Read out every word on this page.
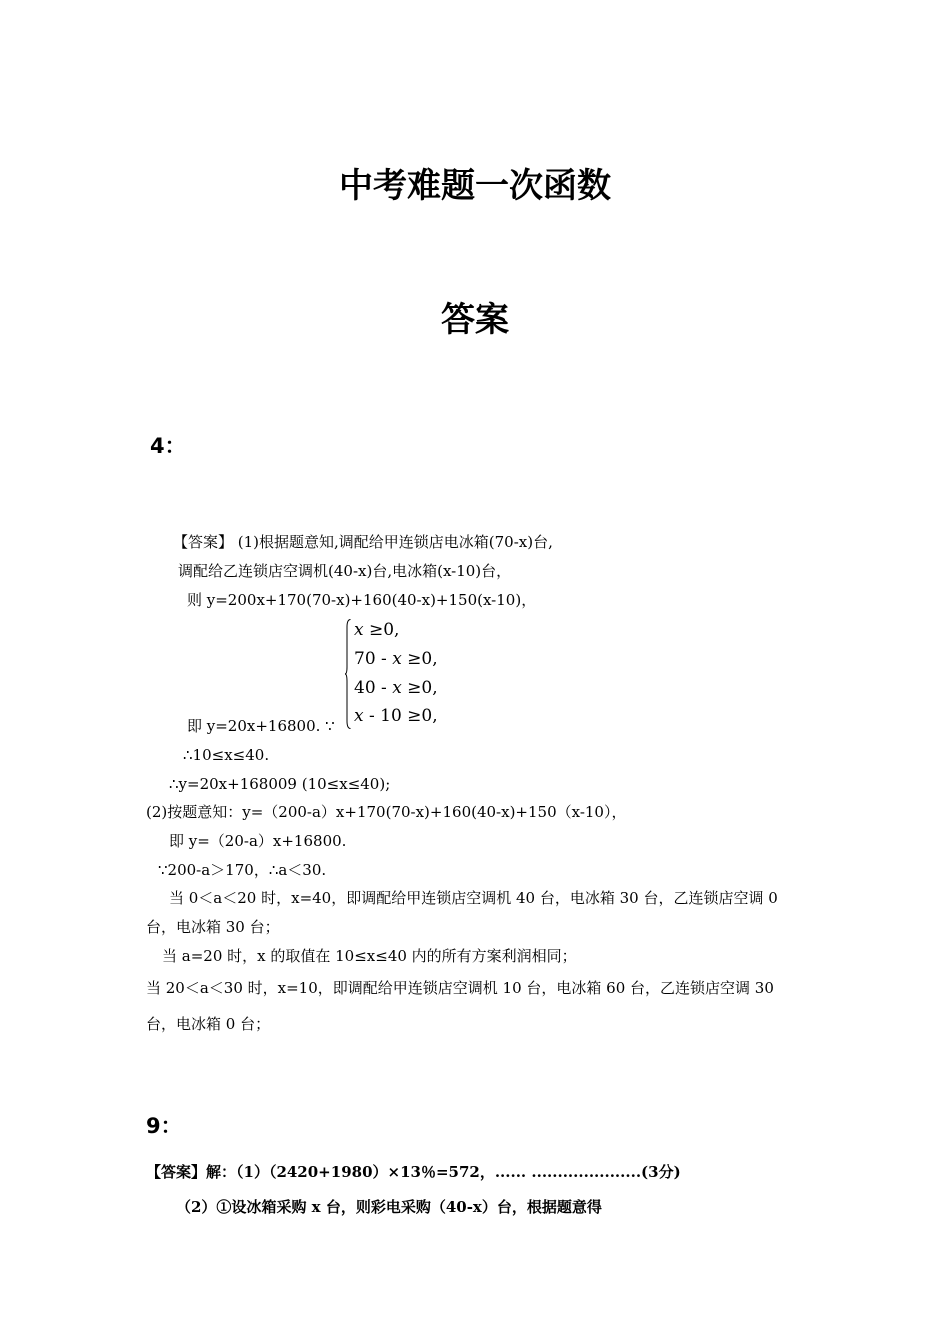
中考难题一次函数
答案
4：
【答案】 (1)根据题意知,调配给甲连锁店电冰箱(70-x)台,
调配给乙连锁店空调机(40-x)台,电冰箱(x-10)台，
则 y=200x+170(70-x)+160(40-x)+150(x-10)，
x ≥0,
70 - x ≥0,
40 - x ≥0,
x - 10 ≥0,
即 y=20x+16800. ∵
∴10≤x≤40.
∴y=20x+168009 (10≤x≤40);
(2)按题意知：y=（200-a）x+170(70-x)+160(40-x)+150（x-10），
即 y=（20-a）x+16800.
∵200-a＞170，∴a＜30.
当 0＜a＜20 时，x=40，即调配给甲连锁店空调机 40 台，电冰箱 30 台，乙连锁店空调 0
台，电冰箱 30 台；
当 a=20 时，x 的取值在 10≤x≤40 内的所有方案利润相同；
当 20＜a＜30 时，x=10，即调配给甲连锁店空调机 10 台，电冰箱 60 台，乙连锁店空调 30
台，电冰箱 0 台；
9：
【答案】解：（1）（2420+1980）×13％=572，...... .....................(3分)
（2）①设冰箱采购 x 台，则彩电采购（40-x）台，根据题意得
